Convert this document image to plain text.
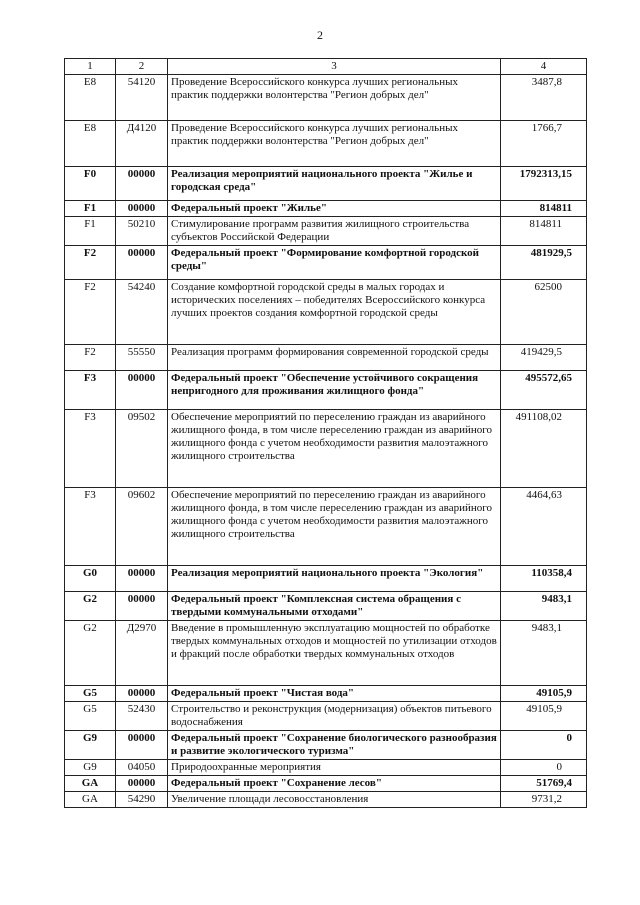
2
1	2	3	4
E8	54120	Проведение Всероссийского конкурса лучших региональных практик поддержки волонтерства "Регион добрых дел"	3487,8
E8	Д4120	Проведение Всероссийского конкурса лучших региональных практик поддержки волонтерства "Регион добрых дел"	1766,7
F0	00000	Реализация мероприятий национального проекта "Жилье и городская среда"	1792313,15
F1	00000	Федеральный проект "Жилье"	814811
F1	50210	Стимулирование программ развития жилищного строительства субъектов Российской Федерации	814811
F2	00000	Федеральный проект "Формирование комфортной городской среды"	481929,5
F2	54240	Создание комфортной городской среды в малых городах и исторических поселениях – победителях Всероссийского конкурса лучших проектов создания комфортной городской среды	62500
F2	55550	Реализация программ формирования современной городской среды	419429,5
F3	00000	Федеральный проект "Обеспечение устойчивого сокращения непригодного для проживания жилищного фонда"	495572,65
F3	09502	Обеспечение мероприятий по переселению граждан из аварийного жилищного фонда, в том числе переселению граждан из аварийного жилищного фонда с учетом необходимости развития малоэтажного жилищного строительства	491108,02
F3	09602	Обеспечение мероприятий по переселению граждан из аварийного жилищного фонда, в том числе переселению граждан из аварийного жилищного фонда с учетом необходимости развития малоэтажного жилищного строительства	4464,63
G0	00000	Реализация мероприятий национального проекта "Экология"	110358,4
G2	00000	Федеральный проект "Комплексная система обращения с твердыми коммунальными отходами"	9483,1
G2	Д2970	Введение в промышленную эксплуатацию мощностей по обработке твердых коммунальных отходов и мощностей по утилизации отходов и фракций после обработки твердых коммунальных отходов	9483,1
G5	00000	Федеральный проект "Чистая вода"	49105,9
G5	52430	Строительство и реконструкция (модернизация) объектов питьевого водоснабжения	49105,9
G9	00000	Федеральный проект "Сохранение биологического разнообразия и развитие экологического туризма"	0
G9	04050	Природоохранные мероприятия	0
GA	00000	Федеральный проект "Сохранение лесов"	51769,4
GA	54290	Увеличение площади лесовосстановления	9731,2
